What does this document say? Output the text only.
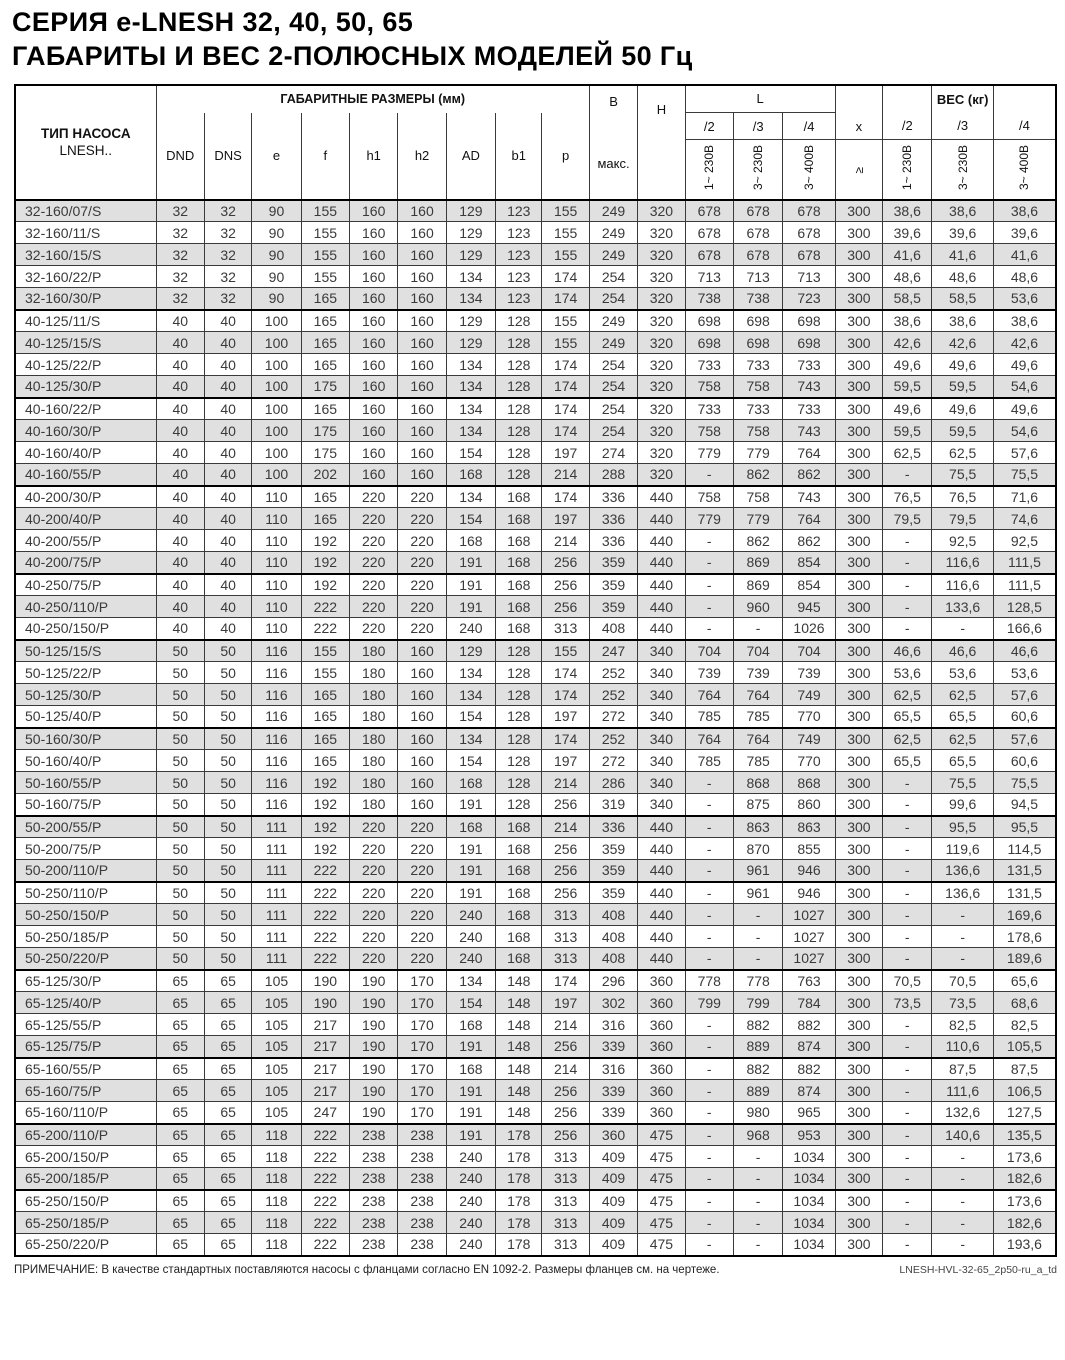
СЕРИЯ e-LNESH 32, 40, 50, 65
ГАБАРИТЫ И ВЕС 2-ПОЛЮСНЫХ МОДЕЛЕЙ 50 Гц
ТИП НАСОСА
LNESH..
	ГАБАРИТНЫЕ РАЗМЕРЫ (мм)	В
макс.
	H	L	x		ВЕС (кг)	
	DND	DNS	e	f	h1	h2	AD	b1	p			/2	/3	/4		/2	/3	/4
												1~ 230В	3~ 230В	3~ 400В	≥	1~ 230В	3~ 230В	3~ 400В
32-160/07/S	32	32	90	155	160	160	129	123	155	249	320	678	678	678	300	38,6	38,6	38,6
32-160/11/S	32	32	90	155	160	160	129	123	155	249	320	678	678	678	300	39,6	39,6	39,6
32-160/15/S	32	32	90	155	160	160	129	123	155	249	320	678	678	678	300	41,6	41,6	41,6
32-160/22/P	32	32	90	155	160	160	134	123	174	254	320	713	713	713	300	48,6	48,6	48,6
32-160/30/P	32	32	90	165	160	160	134	123	174	254	320	738	738	723	300	58,5	58,5	53,6
40-125/11/S	40	40	100	165	160	160	129	128	155	249	320	698	698	698	300	38,6	38,6	38,6
40-125/15/S	40	40	100	165	160	160	129	128	155	249	320	698	698	698	300	42,6	42,6	42,6
40-125/22/P	40	40	100	165	160	160	134	128	174	254	320	733	733	733	300	49,6	49,6	49,6
40-125/30/P	40	40	100	175	160	160	134	128	174	254	320	758	758	743	300	59,5	59,5	54,6
40-160/22/P	40	40	100	165	160	160	134	128	174	254	320	733	733	733	300	49,6	49,6	49,6
40-160/30/P	40	40	100	175	160	160	134	128	174	254	320	758	758	743	300	59,5	59,5	54,6
40-160/40/P	40	40	100	175	160	160	154	128	197	274	320	779	779	764	300	62,5	62,5	57,6
40-160/55/P	40	40	100	202	160	160	168	128	214	288	320	-	862	862	300	-	75,5	75,5
40-200/30/P	40	40	110	165	220	220	134	168	174	336	440	758	758	743	300	76,5	76,5	71,6
40-200/40/P	40	40	110	165	220	220	154	168	197	336	440	779	779	764	300	79,5	79,5	74,6
40-200/55/P	40	40	110	192	220	220	168	168	214	336	440	-	862	862	300	-	92,5	92,5
40-200/75/P	40	40	110	192	220	220	191	168	256	359	440	-	869	854	300	-	116,6	111,5
40-250/75/P	40	40	110	192	220	220	191	168	256	359	440	-	869	854	300	-	116,6	111,5
40-250/110/P	40	40	110	222	220	220	191	168	256	359	440	-	960	945	300	-	133,6	128,5
40-250/150/P	40	40	110	222	220	220	240	168	313	408	440	-	-	1026	300	-	-	166,6
50-125/15/S	50	50	116	155	180	160	129	128	155	247	340	704	704	704	300	46,6	46,6	46,6
50-125/22/P	50	50	116	155	180	160	134	128	174	252	340	739	739	739	300	53,6	53,6	53,6
50-125/30/P	50	50	116	165	180	160	134	128	174	252	340	764	764	749	300	62,5	62,5	57,6
50-125/40/P	50	50	116	165	180	160	154	128	197	272	340	785	785	770	300	65,5	65,5	60,6
50-160/30/P	50	50	116	165	180	160	134	128	174	252	340	764	764	749	300	62,5	62,5	57,6
50-160/40/P	50	50	116	165	180	160	154	128	197	272	340	785	785	770	300	65,5	65,5	60,6
50-160/55/P	50	50	116	192	180	160	168	128	214	286	340	-	868	868	300	-	75,5	75,5
50-160/75/P	50	50	116	192	180	160	191	128	256	319	340	-	875	860	300	-	99,6	94,5
50-200/55/P	50	50	111	192	220	220	168	168	214	336	440	-	863	863	300	-	95,5	95,5
50-200/75/P	50	50	111	192	220	220	191	168	256	359	440	-	870	855	300	-	119,6	114,5
50-200/110/P	50	50	111	222	220	220	191	168	256	359	440	-	961	946	300	-	136,6	131,5
50-250/110/P	50	50	111	222	220	220	191	168	256	359	440	-	961	946	300	-	136,6	131,5
50-250/150/P	50	50	111	222	220	220	240	168	313	408	440	-	-	1027	300	-	-	169,6
50-250/185/P	50	50	111	222	220	220	240	168	313	408	440	-	-	1027	300	-	-	178,6
50-250/220/P	50	50	111	222	220	220	240	168	313	408	440	-	-	1027	300	-	-	189,6
65-125/30/P	65	65	105	190	190	170	134	148	174	296	360	778	778	763	300	70,5	70,5	65,6
65-125/40/P	65	65	105	190	190	170	154	148	197	302	360	799	799	784	300	73,5	73,5	68,6
65-125/55/P	65	65	105	217	190	170	168	148	214	316	360	-	882	882	300	-	82,5	82,5
65-125/75/P	65	65	105	217	190	170	191	148	256	339	360	-	889	874	300	-	110,6	105,5
65-160/55/P	65	65	105	217	190	170	168	148	214	316	360	-	882	882	300	-	87,5	87,5
65-160/75/P	65	65	105	217	190	170	191	148	256	339	360	-	889	874	300	-	111,6	106,5
65-160/110/P	65	65	105	247	190	170	191	148	256	339	360	-	980	965	300	-	132,6	127,5
65-200/110/P	65	65	118	222	238	238	191	178	256	360	475	-	968	953	300	-	140,6	135,5
65-200/150/P	65	65	118	222	238	238	240	178	313	409	475	-	-	1034	300	-	-	173,6
65-200/185/P	65	65	118	222	238	238	240	178	313	409	475	-	-	1034	300	-	-	182,6
65-250/150/P	65	65	118	222	238	238	240	178	313	409	475	-	-	1034	300	-	-	173,6
65-250/185/P	65	65	118	222	238	238	240	178	313	409	475	-	-	1034	300	-	-	182,6
65-250/220/P	65	65	118	222	238	238	240	178	313	409	475	-	-	1034	300	-	-	193,6
ПРИМЕЧАНИЕ: В качестве стандартных поставляются насосы с фланцами согласно EN 1092-2. Размеры фланцев см. на чертеже.	LNESH-HVL-32-65_2p50-ru_a_td
